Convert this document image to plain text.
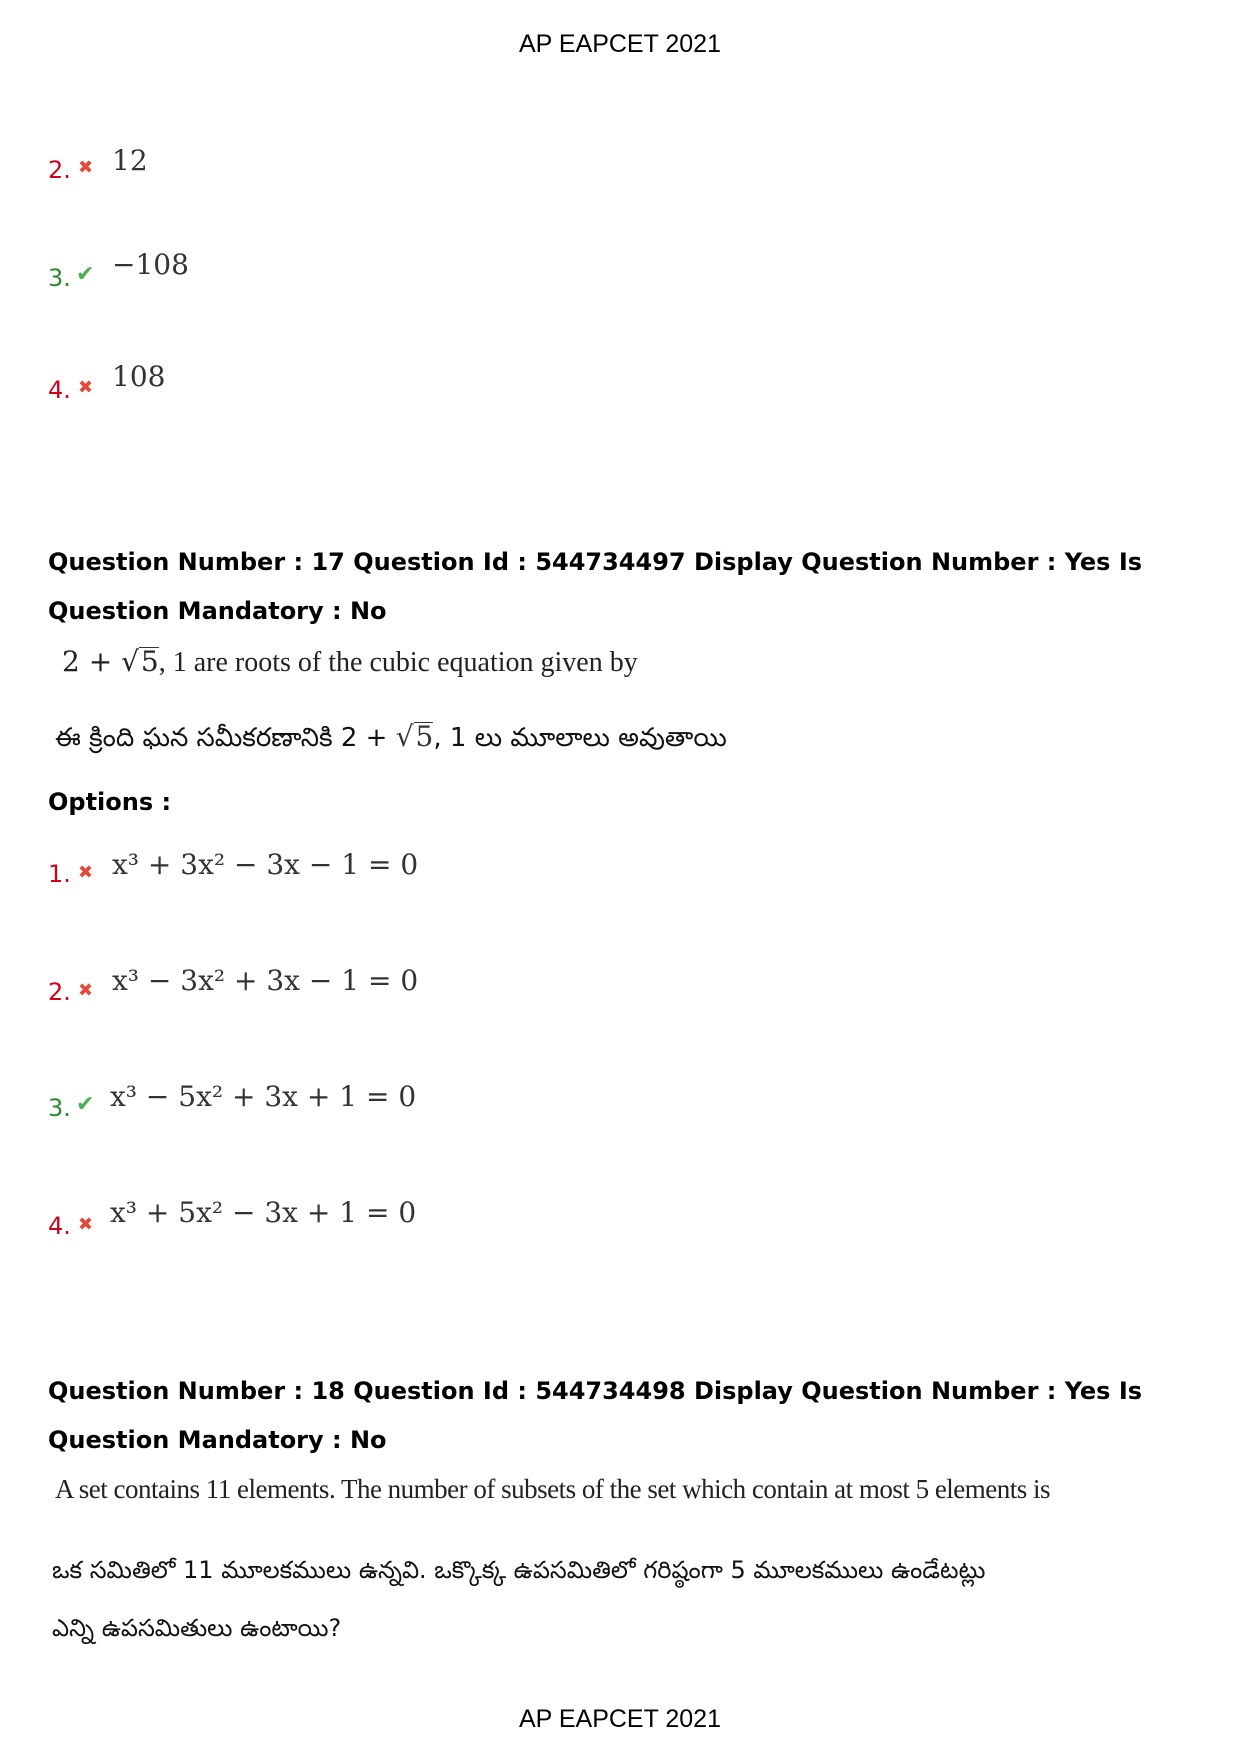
AP EAPCET 2021
2. ✖ 12
3. ✔ −108
4. ✖ 108
Question Number : 17 Question Id : 544734497 Display Question Number : Yes Is Question Mandatory : No
2 + √5, 1 are roots of the cubic equation given by
ఈ క్రింది ఘన సమీకరణానికి 2 + √5, 1 లు మూలాలు అవుతాయి
Options :
1. ✖ x³ + 3x² − 3x − 1 = 0
2. ✖ x³ − 3x² + 3x − 1 = 0
3. ✔ x³ − 5x² + 3x + 1 = 0
4. ✖ x³ + 5x² − 3x + 1 = 0
Question Number : 18 Question Id : 544734498 Display Question Number : Yes Is Question Mandatory : No
A set contains 11 elements. The number of subsets of the set which contain at most 5 elements is
ఒక సమితిలో 11 మూలకములు ఉన్నవి. ఒక్కొక్క ఉపసమితిలో గరిష్ఠంగా 5 మూలకములు ఉండేటట్లు
ఎన్ని ఉపసమితులు ఉంటాయి?
AP EAPCET 2021
